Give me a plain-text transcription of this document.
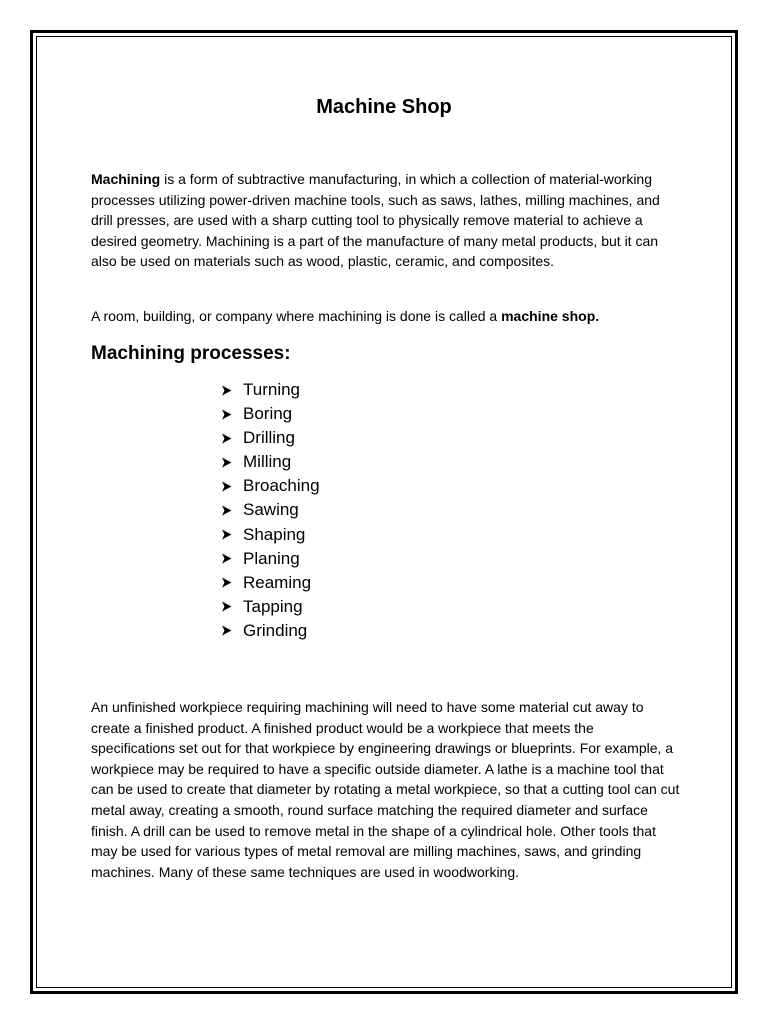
Machine Shop

Machining is a form of subtractive manufacturing, in which a collection of material-working processes utilizing power-driven machine tools, such as saws, lathes, milling machines, and drill presses, are used with a sharp cutting tool to physically remove material to achieve a desired geometry. Machining is a part of the manufacture of many metal products, but it can also be used on materials such as wood, plastic, ceramic, and composites.

A room, building, or company where machining is done is called a machine shop.

Machining processes:
Turning
Boring
Drilling
Milling
Broaching
Sawing
Shaping
Planing
Reaming
Tapping
Grinding

An unfinished workpiece requiring machining will need to have some material cut away to create a finished product. A finished product would be a workpiece that meets the specifications set out for that workpiece by engineering drawings or blueprints. For example, a workpiece may be required to have a specific outside diameter. A lathe is a machine tool that can be used to create that diameter by rotating a metal workpiece, so that a cutting tool can cut metal away, creating a smooth, round surface matching the required diameter and surface finish. A drill can be used to remove metal in the shape of a cylindrical hole. Other tools that may be used for various types of metal removal are milling machines, saws, and grinding machines. Many of these same techniques are used in woodworking.
